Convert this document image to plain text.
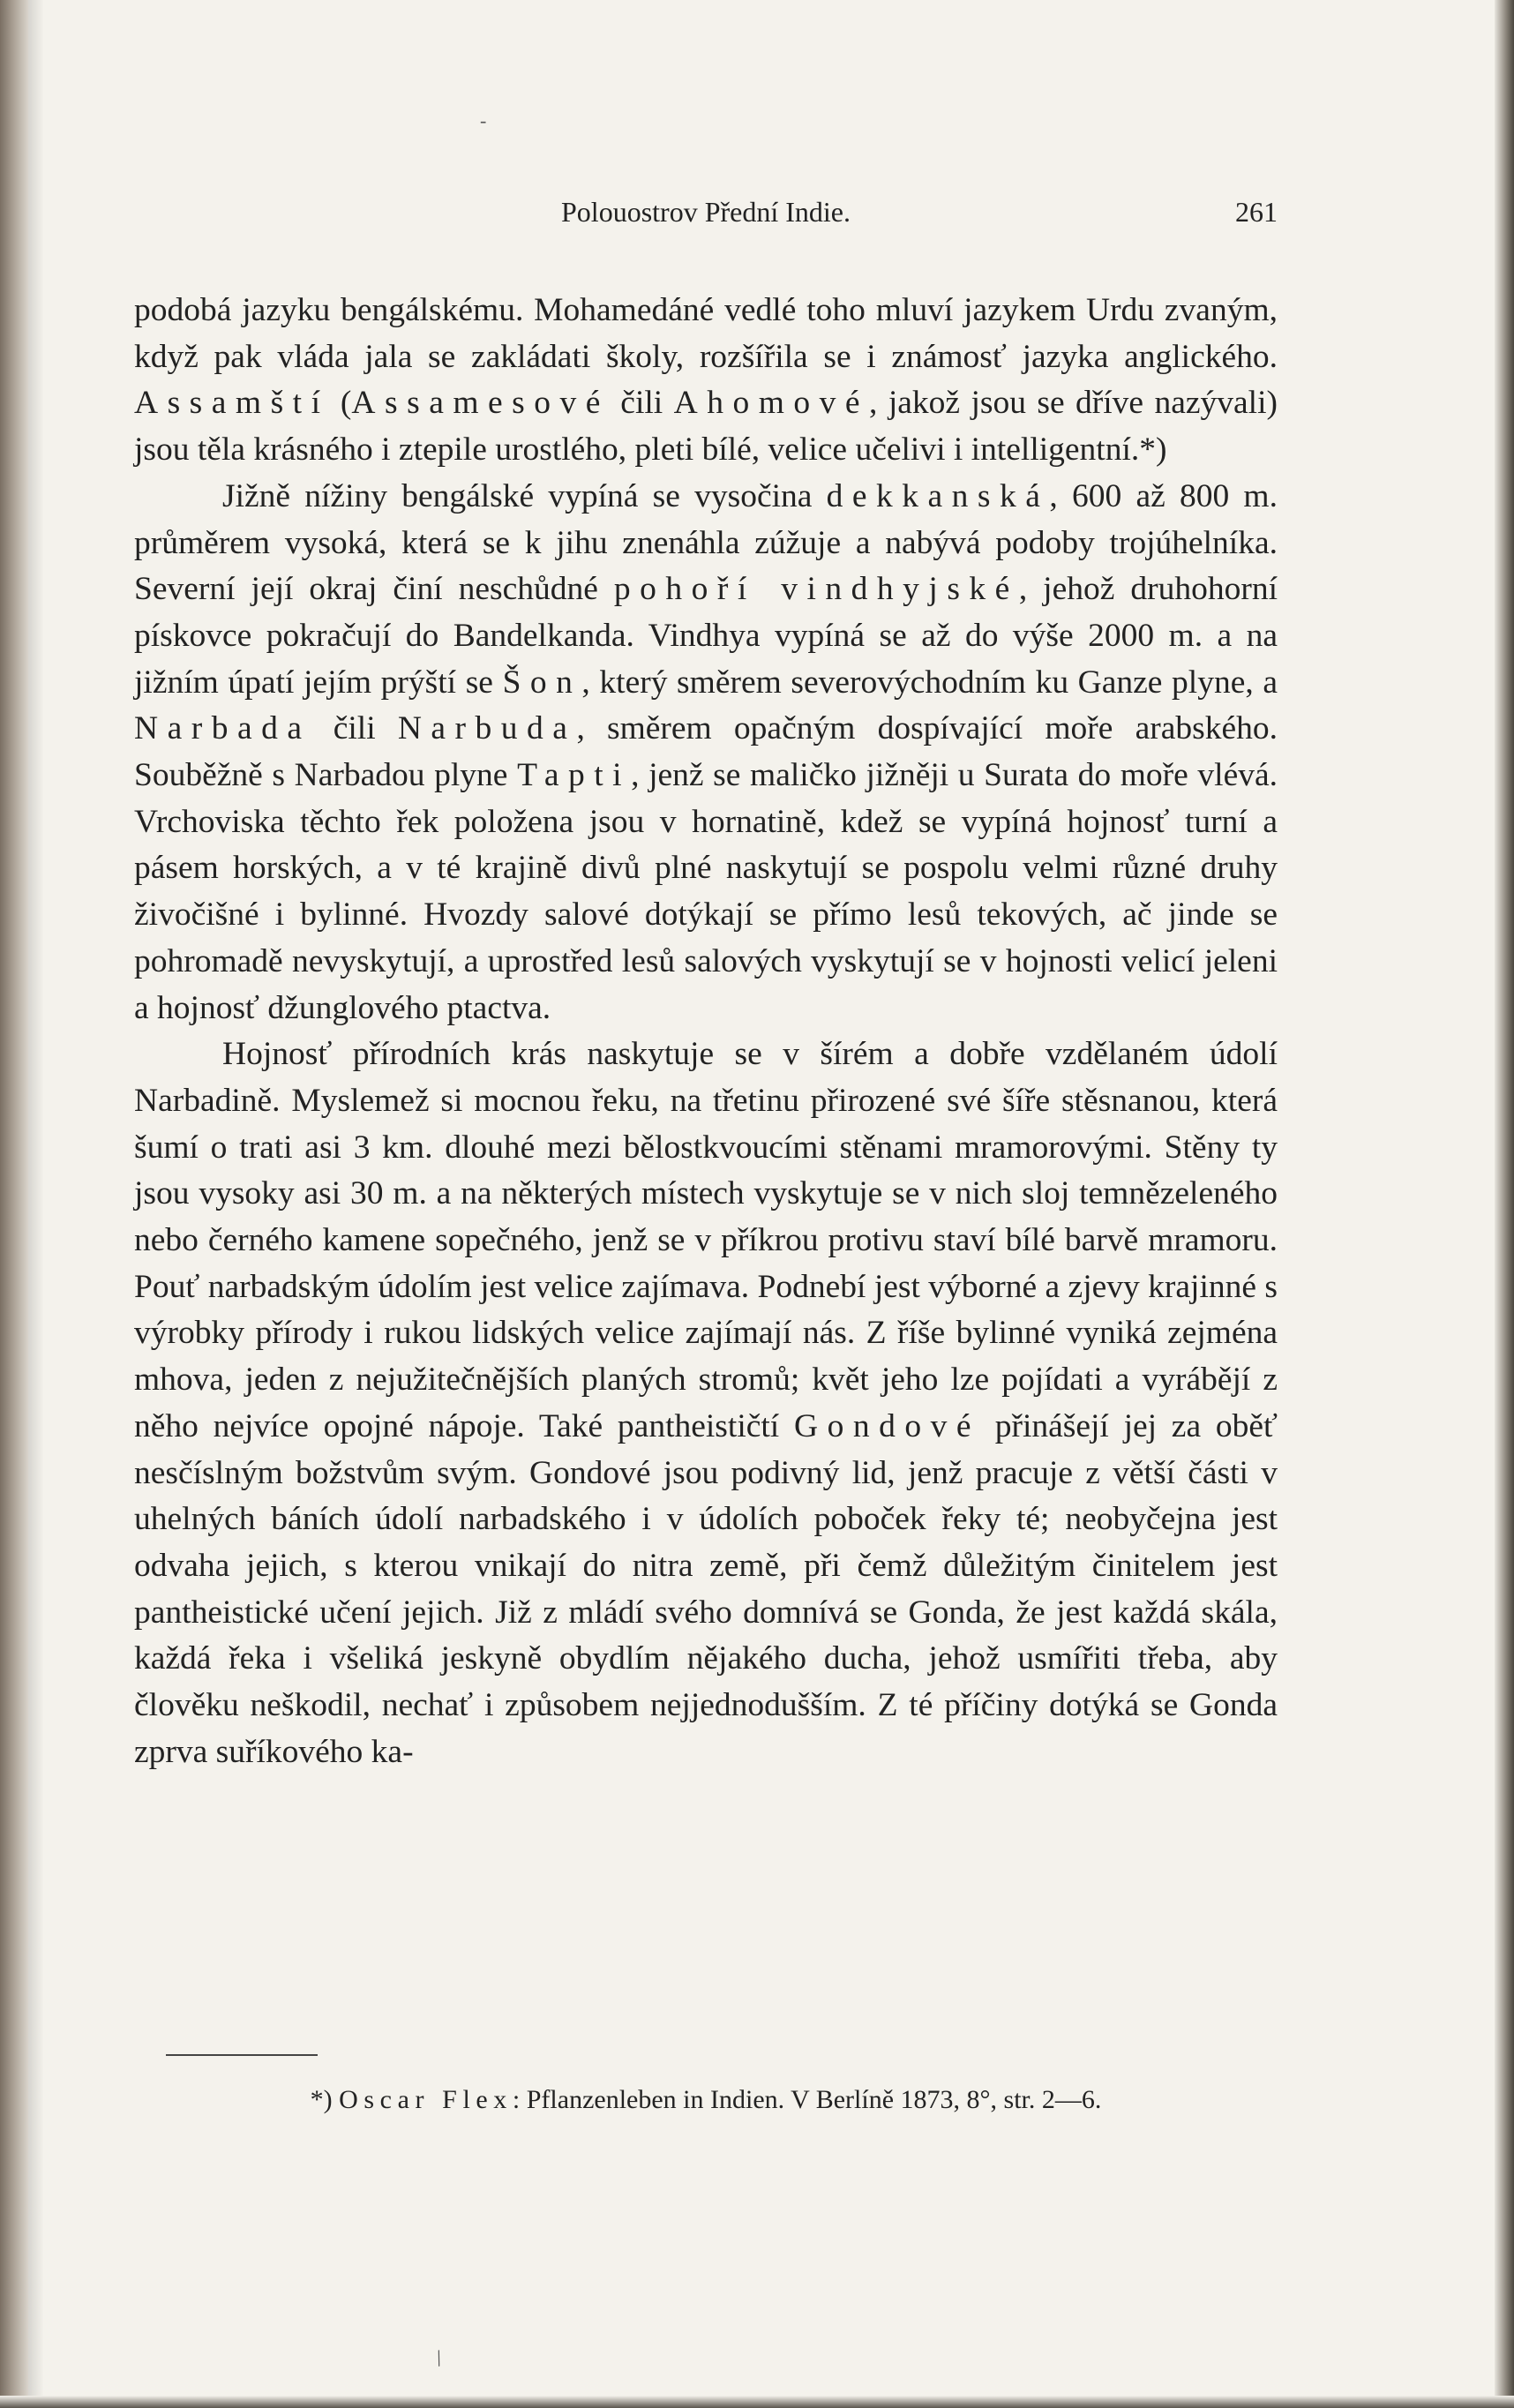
-
Polouostrov Přední Indie.	261

podobá jazyku bengálskému. Mohamedáné vedlé toho mluví jazykem Urdu zvaným, když pak vláda jala se zakládati školy, rozšířila se i známosť jazyka anglického. Assamští (Assamesové čili Ahomové, jakož jsou se dříve nazývali) jsou těla krásného i ztepile urostlého, pleti bílé, velice učelivi i intelligentní.*)

Jižně nížiny bengálské vypíná se vysočina dekkanská, 600 až 800 m. průměrem vysoká, která se k jihu znenáhla zúžuje a nabývá podoby trojúhelníka. Severní její okraj činí neschůdné pohoří vindhyjské, jehož druhohorní pískovce pokračují do Bandelkanda. Vindhya vypíná se až do výše 2000 m. a na jižním úpatí jejím prýští se Šon, který směrem severovýchodním ku Ganze plyne, a Narbada čili Narbuda, směrem opačným dospívající moře arabského. Souběžně s Narbadou plyne Tapti, jenž se maličko jižněji u Surata do moře vlévá. Vrchoviska těchto řek položena jsou v hornatině, kdež se vypíná hojnosť turní a pásem horských, a v té krajině divů plné naskytují se pospolu velmi různé druhy živočišné i bylinné. Hvozdy salové dotýkají se přímo lesů tekových, ač jinde se pohromadě nevyskytují, a uprostřed lesů salových vyskytují se v hojnosti velicí jeleni a hojnosť džunglového ptactva.

Hojnosť přírodních krás naskytuje se v šírém a dobře vzdělaném údolí Narbadině. Myslemež si mocnou řeku, na třetinu přirozené své šíře stěsnanou, která šumí o trati asi 3 km. dlouhé mezi bělostkvoucími stěnami mramorovými. Stěny ty jsou vysoky asi 30 m. a na některých místech vyskytuje se v nich sloj temnězeleného nebo černého kamene sopečného, jenž se v příkrou protivu staví bílé barvě mramoru. Pouť narbadským údolím jest velice zajímava. Podnebí jest výborné a zjevy krajinné s výrobky přírody i rukou lidských velice zajímají nás. Z říše bylinné vyniká zejména mhova, jeden z nejužitečnějších planých stromů; květ jeho lze pojídati a vyrábějí z něho nejvíce opojné nápoje. Také pantheističtí Gondové přinášejí jej za oběť nesčíslným božstvům svým. Gondové jsou podivný lid, jenž pracuje z větší části v uhelných báních údolí narbadského i v údolích poboček řeky té; neobyčejna jest odvaha jejich, s kterou vnikají do nitra země, při čemž důležitým činitelem jest pantheistické učení jejich. Již z mládí svého domnívá se Gonda, že jest každá skála, každá řeka i všeliká jeskyně obydlím nějakého ducha, jehož usmířiti třeba, aby člověku neškodil, nechať i způsobem nejjednodušším. Z té příčiny dotýká se Gonda zprva suříkového ka-

*) Oscar Flex: Pflanzenleben in Indien. V Berlíně 1873, 8°, str. 2—6.
/
